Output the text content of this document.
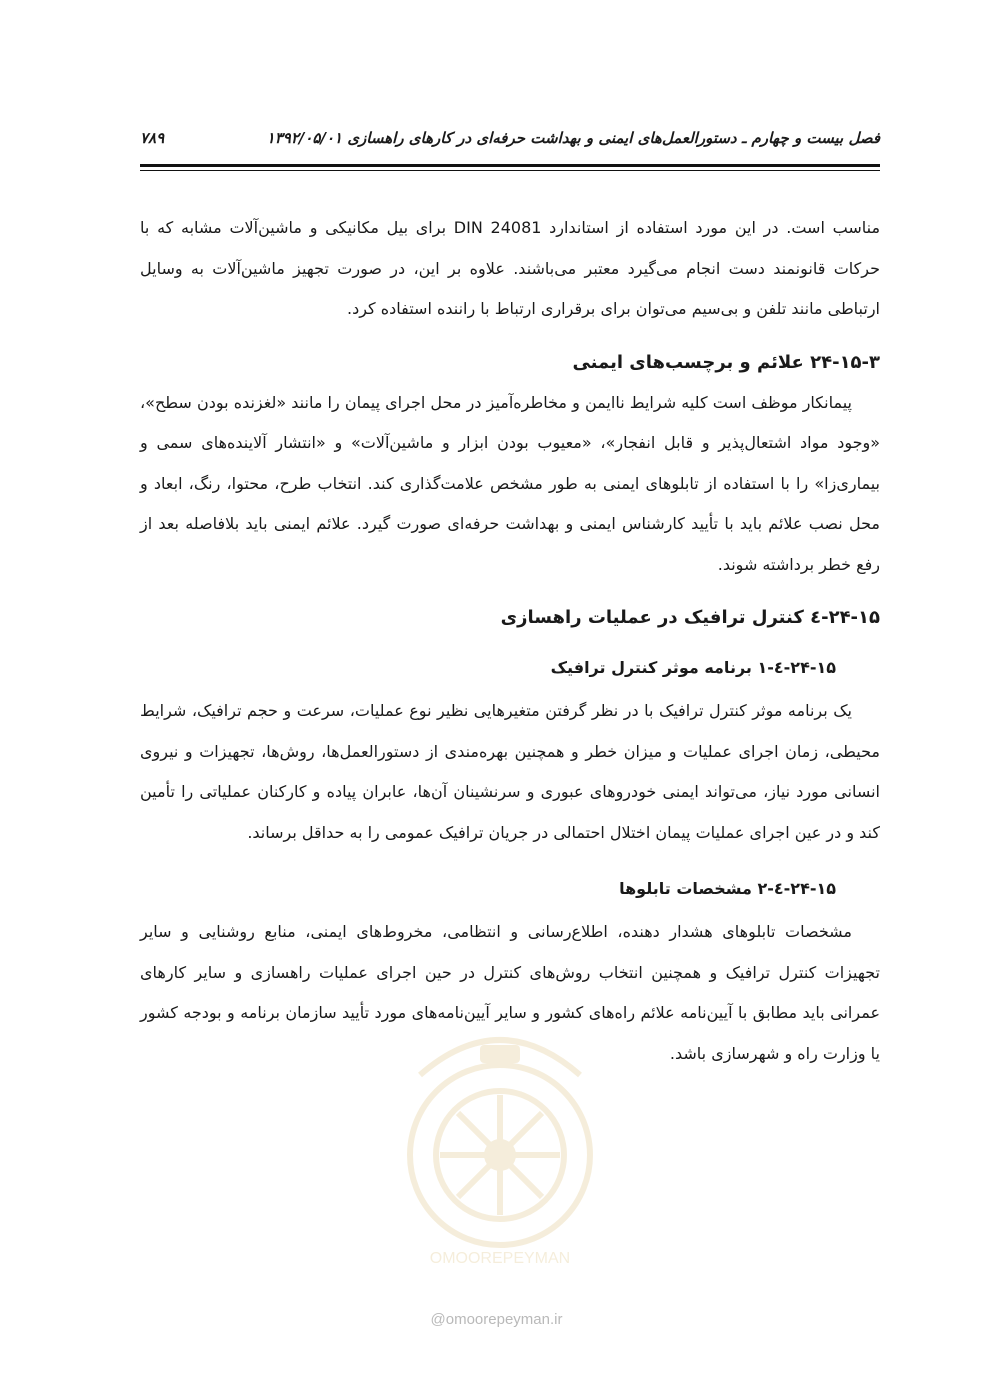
فصل بیست و چهارم ـ دستورالعمل‌های ایمنی و بهداشت حرفه‌ای در کارهای راهسازی ۱۳۹۲/۰۵/۰۱
۷۸۹

مناسب است. در این مورد استفاده از استاندارد DIN 24081 برای بیل مکانیکی و ماشین‌آلات مشابه که با حرکات قانونمند دست انجام می‌گیرد معتبر می‌باشند. علاوه بر این، در صورت تجهیز ماشین‌آلات به وسایل ارتباطی مانند تلفن و بی‌سیم می‌توان برای برقراری ارتباط با راننده استفاده کرد.

۲۴-۱۵-۳ علائم و برچسب‌های ایمنی

پیمانکار موظف است کلیه شرایط ناایمن و مخاطره‌آمیز در محل اجرای پیمان را مانند «لغزنده بودن سطح»، «وجود مواد اشتعال‌پذیر و قابل انفجار»، «معیوب بودن ابزار و ماشین‌آلات» و «انتشار آلاینده‌های سمی و بیماری‌زا» را با استفاده از تابلوهای ایمنی به طور مشخص علامت‌گذاری کند. انتخاب طرح، محتوا، رنگ، ابعاد و محل نصب علائم باید با تأیید کارشناس ایمنی و بهداشت حرفه‌ای صورت گیرد. علائم ایمنی باید بلافاصله بعد از رفع خطر برداشته شوند.

۲۴-۱۵-٤ کنترل ترافیک در عملیات راهسازی
۲۴-۱۵-٤-۱ برنامه موثر کنترل ترافیک

یک برنامه موثر کنترل ترافیک با در نظر گرفتن متغیرهایی نظیر نوع عملیات، سرعت و حجم ترافیک، شرایط محیطی، زمان اجرای عملیات و میزان خطر و همچنین بهره‌مندی از دستورالعمل‌ها، روش‌ها، تجهیزات و نیروی انسانی مورد نیاز، می‌تواند ایمنی خودروهای عبوری و سرنشینان آن‌ها، عابران پیاده و کارکنان عملیاتی را تأمین کند و در عین اجرای عملیات پیمان اختلال احتمالی در جریان ترافیک عمومی را به حداقل برساند.

۲۴-۱۵-٤-۲ مشخصات تابلوها

مشخصات تابلوهای هشدار دهنده، اطلاع‌رسانی و انتظامی، مخروط‌های ایمنی، منابع روشنایی و سایر تجهیزات کنترل ترافیک و همچنین انتخاب روش‌های کنترل در حین اجرای عملیات راهسازی و سایر کارهای عمرانی باید مطابق با آیین‌نامه علائم راه‌های کشور و سایر آیین‌نامه‌های مورد تأیید سازمان برنامه و بودجه کشور یا وزارت راه و شهرسازی باشد.

OMOOREPEYMAN
@omoorepeyman.ir
